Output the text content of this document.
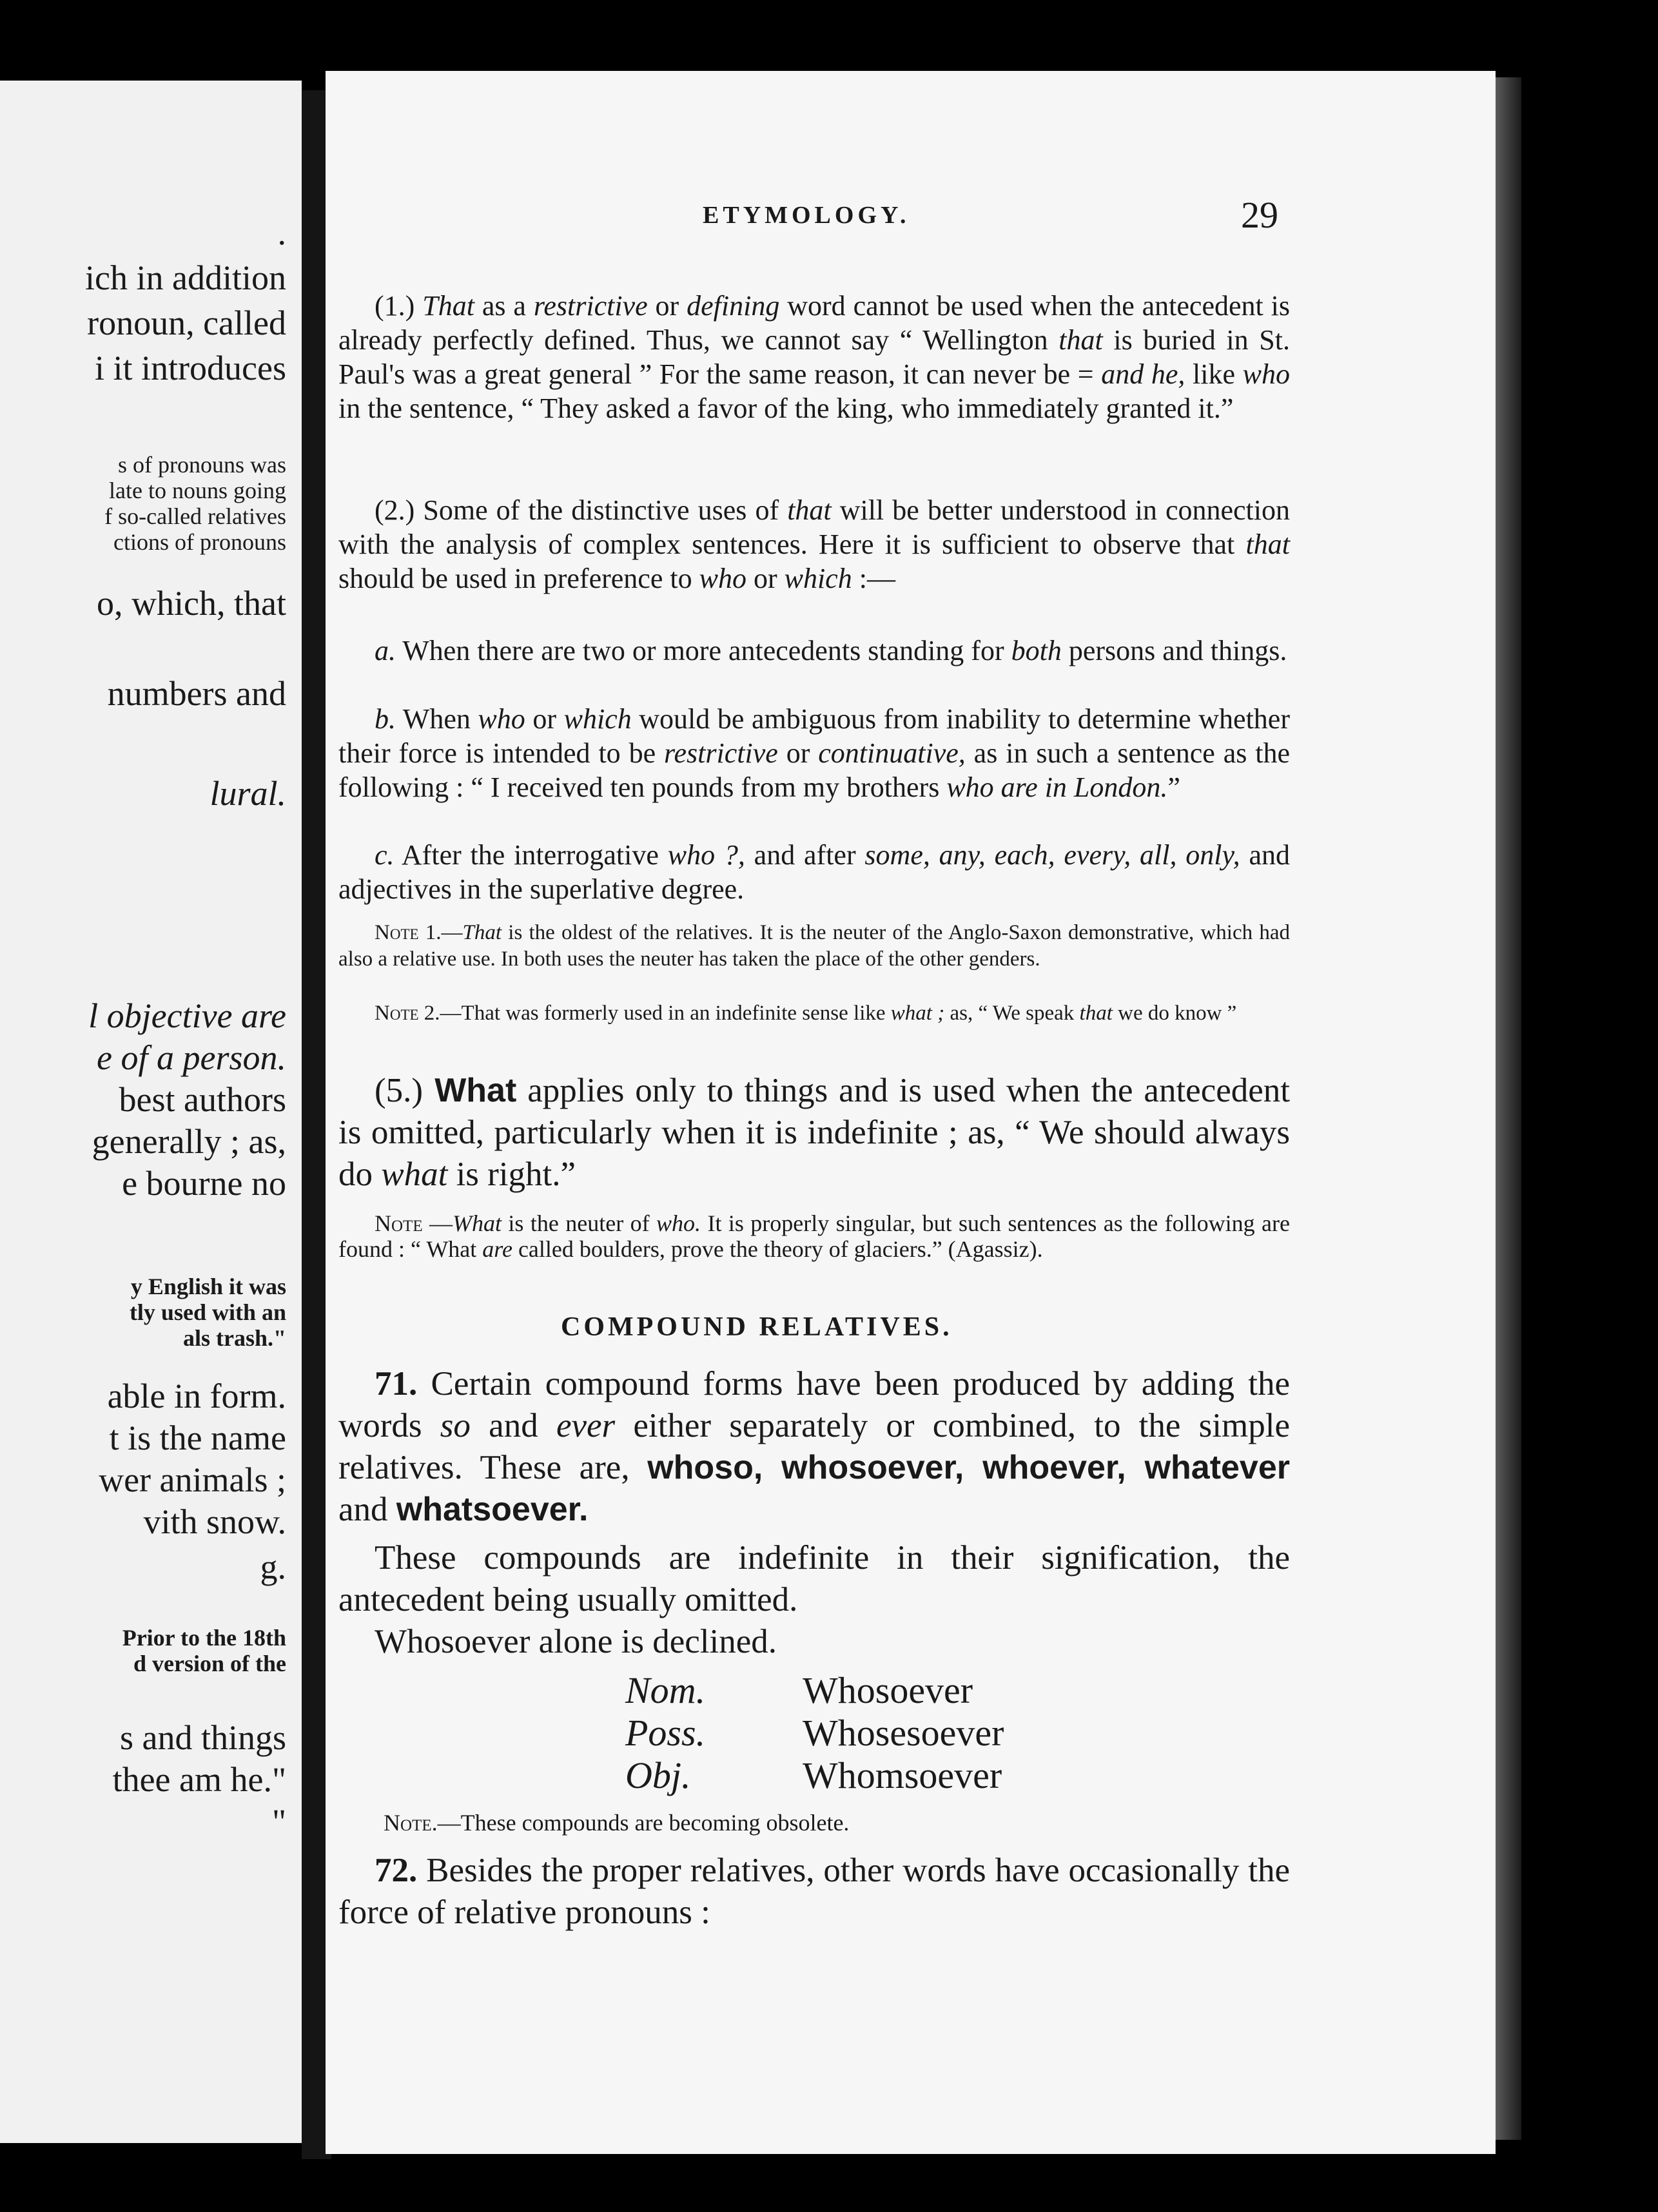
.
ich in addition
ronoun, called
i it introduces
s of pronouns was
late to nouns going
f so-called relatives
ctions of pronouns
o, which, that
numbers and
lural.
l objective are
e of a person.
best authors
generally ; as,
e bourne no
y English it was
tly used with an
als trash."
able in form.
t is the name
wer animals ;
vith snow.
g.
Prior to the 18th
d version of the
s and things
thee am he."
"
ETYMOLOGY.	29
(1.) That as a restrictive or defining word cannot be used when the antecedent is already perfectly defined. Thus, we cannot say “ Wellington that is buried in St. Paul's was a great general ” For the same reason, it can never be = and he, like who in the sentence, “ They asked a favor of the king, who immediately granted it.”
(2.) Some of the distinctive uses of that will be better understood in connection with the analysis of complex sentences. Here it is sufficient to observe that that should be used in preference to who or which :—
a. When there are two or more antecedents standing for both persons and things.
b. When who or which would be ambiguous from inability to determine whether their force is intended to be restrictive or continuative, as in such a sentence as the following : “ I received ten pounds from my brothers who are in London.”
c. After the interrogative who ?, and after some, any, each, every, all, only, and adjectives in the superlative degree.
Note 1.—That is the oldest of the relatives. It is the neuter of the Anglo-Saxon demonstrative, which had also a relative use. In both uses the neuter has taken the place of the other genders.
Note 2.—That was formerly used in an indefinite sense like what ; as, “ We speak that we do know ”
(5.) What applies only to things and is used when the antecedent is omitted, particularly when it is indefinite ; as, “ We should always do what is right.”
Note —What is the neuter of who. It is properly singular, but such sentences as the following are found : “ What are called boulders, prove the theory of glaciers.” (Agassiz).
COMPOUND RELATIVES.
71. Certain compound forms have been produced by adding the words so and ever either separately or combined, to the simple relatives. These are, whoso, whosoever, whoever, whatever and whatsoever.
These compounds are indefinite in their signification, the antecedent being usually omitted.
Whosoever alone is declined.
Nom.	Whosoever
Poss.	Whosesoever
Obj.	Whomsoever
Note.—These compounds are becoming obsolete.
72. Besides the proper relatives, other words have occasionally the force of relative pronouns :
